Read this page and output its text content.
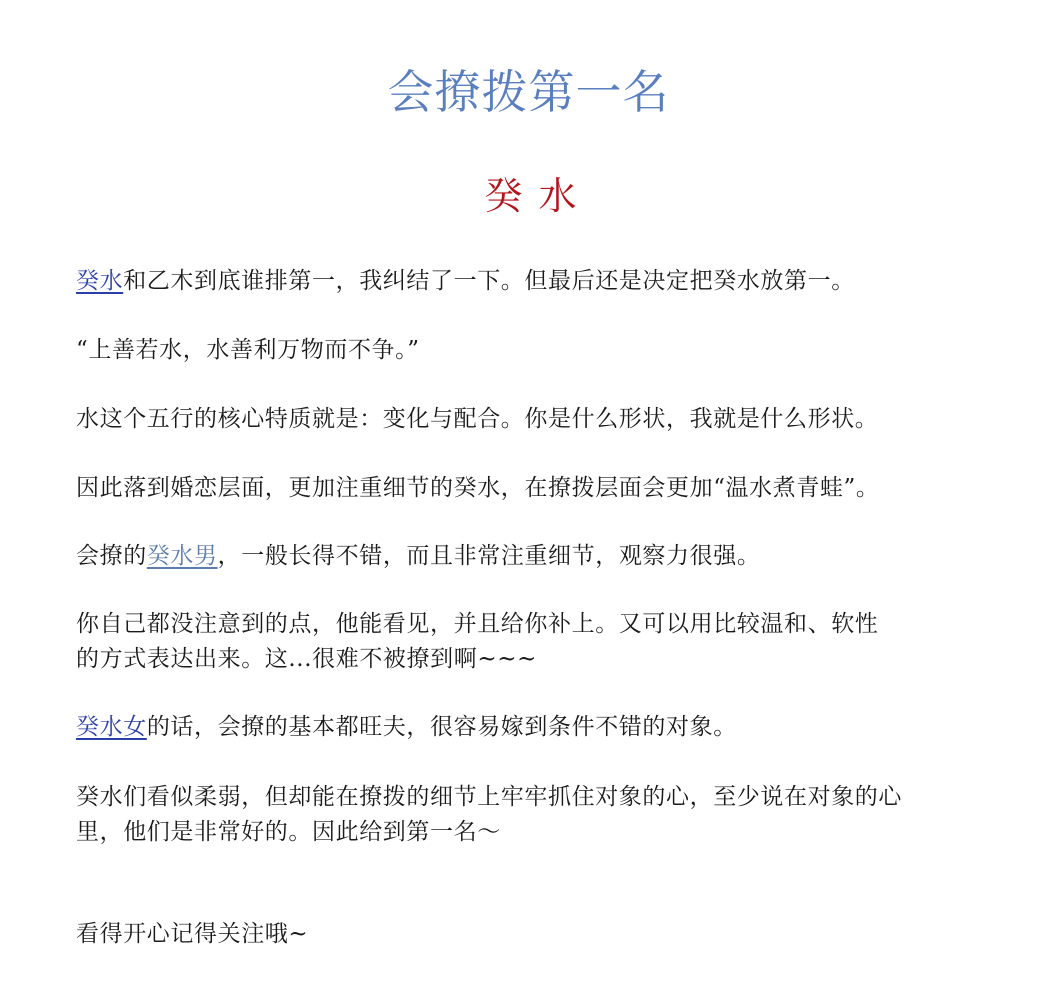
会撩拨第一名
癸 水
癸水和乙木到底谁排第一，我纠结了一下。但最后还是决定把癸水放第一。
“上善若水，水善利万物而不争。”
水这个五行的核心特质就是：变化与配合。你是什么形状，我就是什么形状。
因此落到婚恋层面，更加注重细节的癸水，在撩拨层面会更加“温水煮青蛙”。
会撩的癸水男，一般长得不错，而且非常注重细节，观察力很强。
你自己都没注意到的点，他能看见，并且给你补上。又可以用比较温和、软性
的方式表达出来。这...很难不被撩到啊~~~
癸水女的话，会撩的基本都旺夫，很容易嫁到条件不错的对象。
癸水们看似柔弱，但却能在撩拨的细节上牢牢抓住对象的心，至少说在对象的心
里，他们是非常好的。因此给到第一名～
看得开心记得关注哦~
